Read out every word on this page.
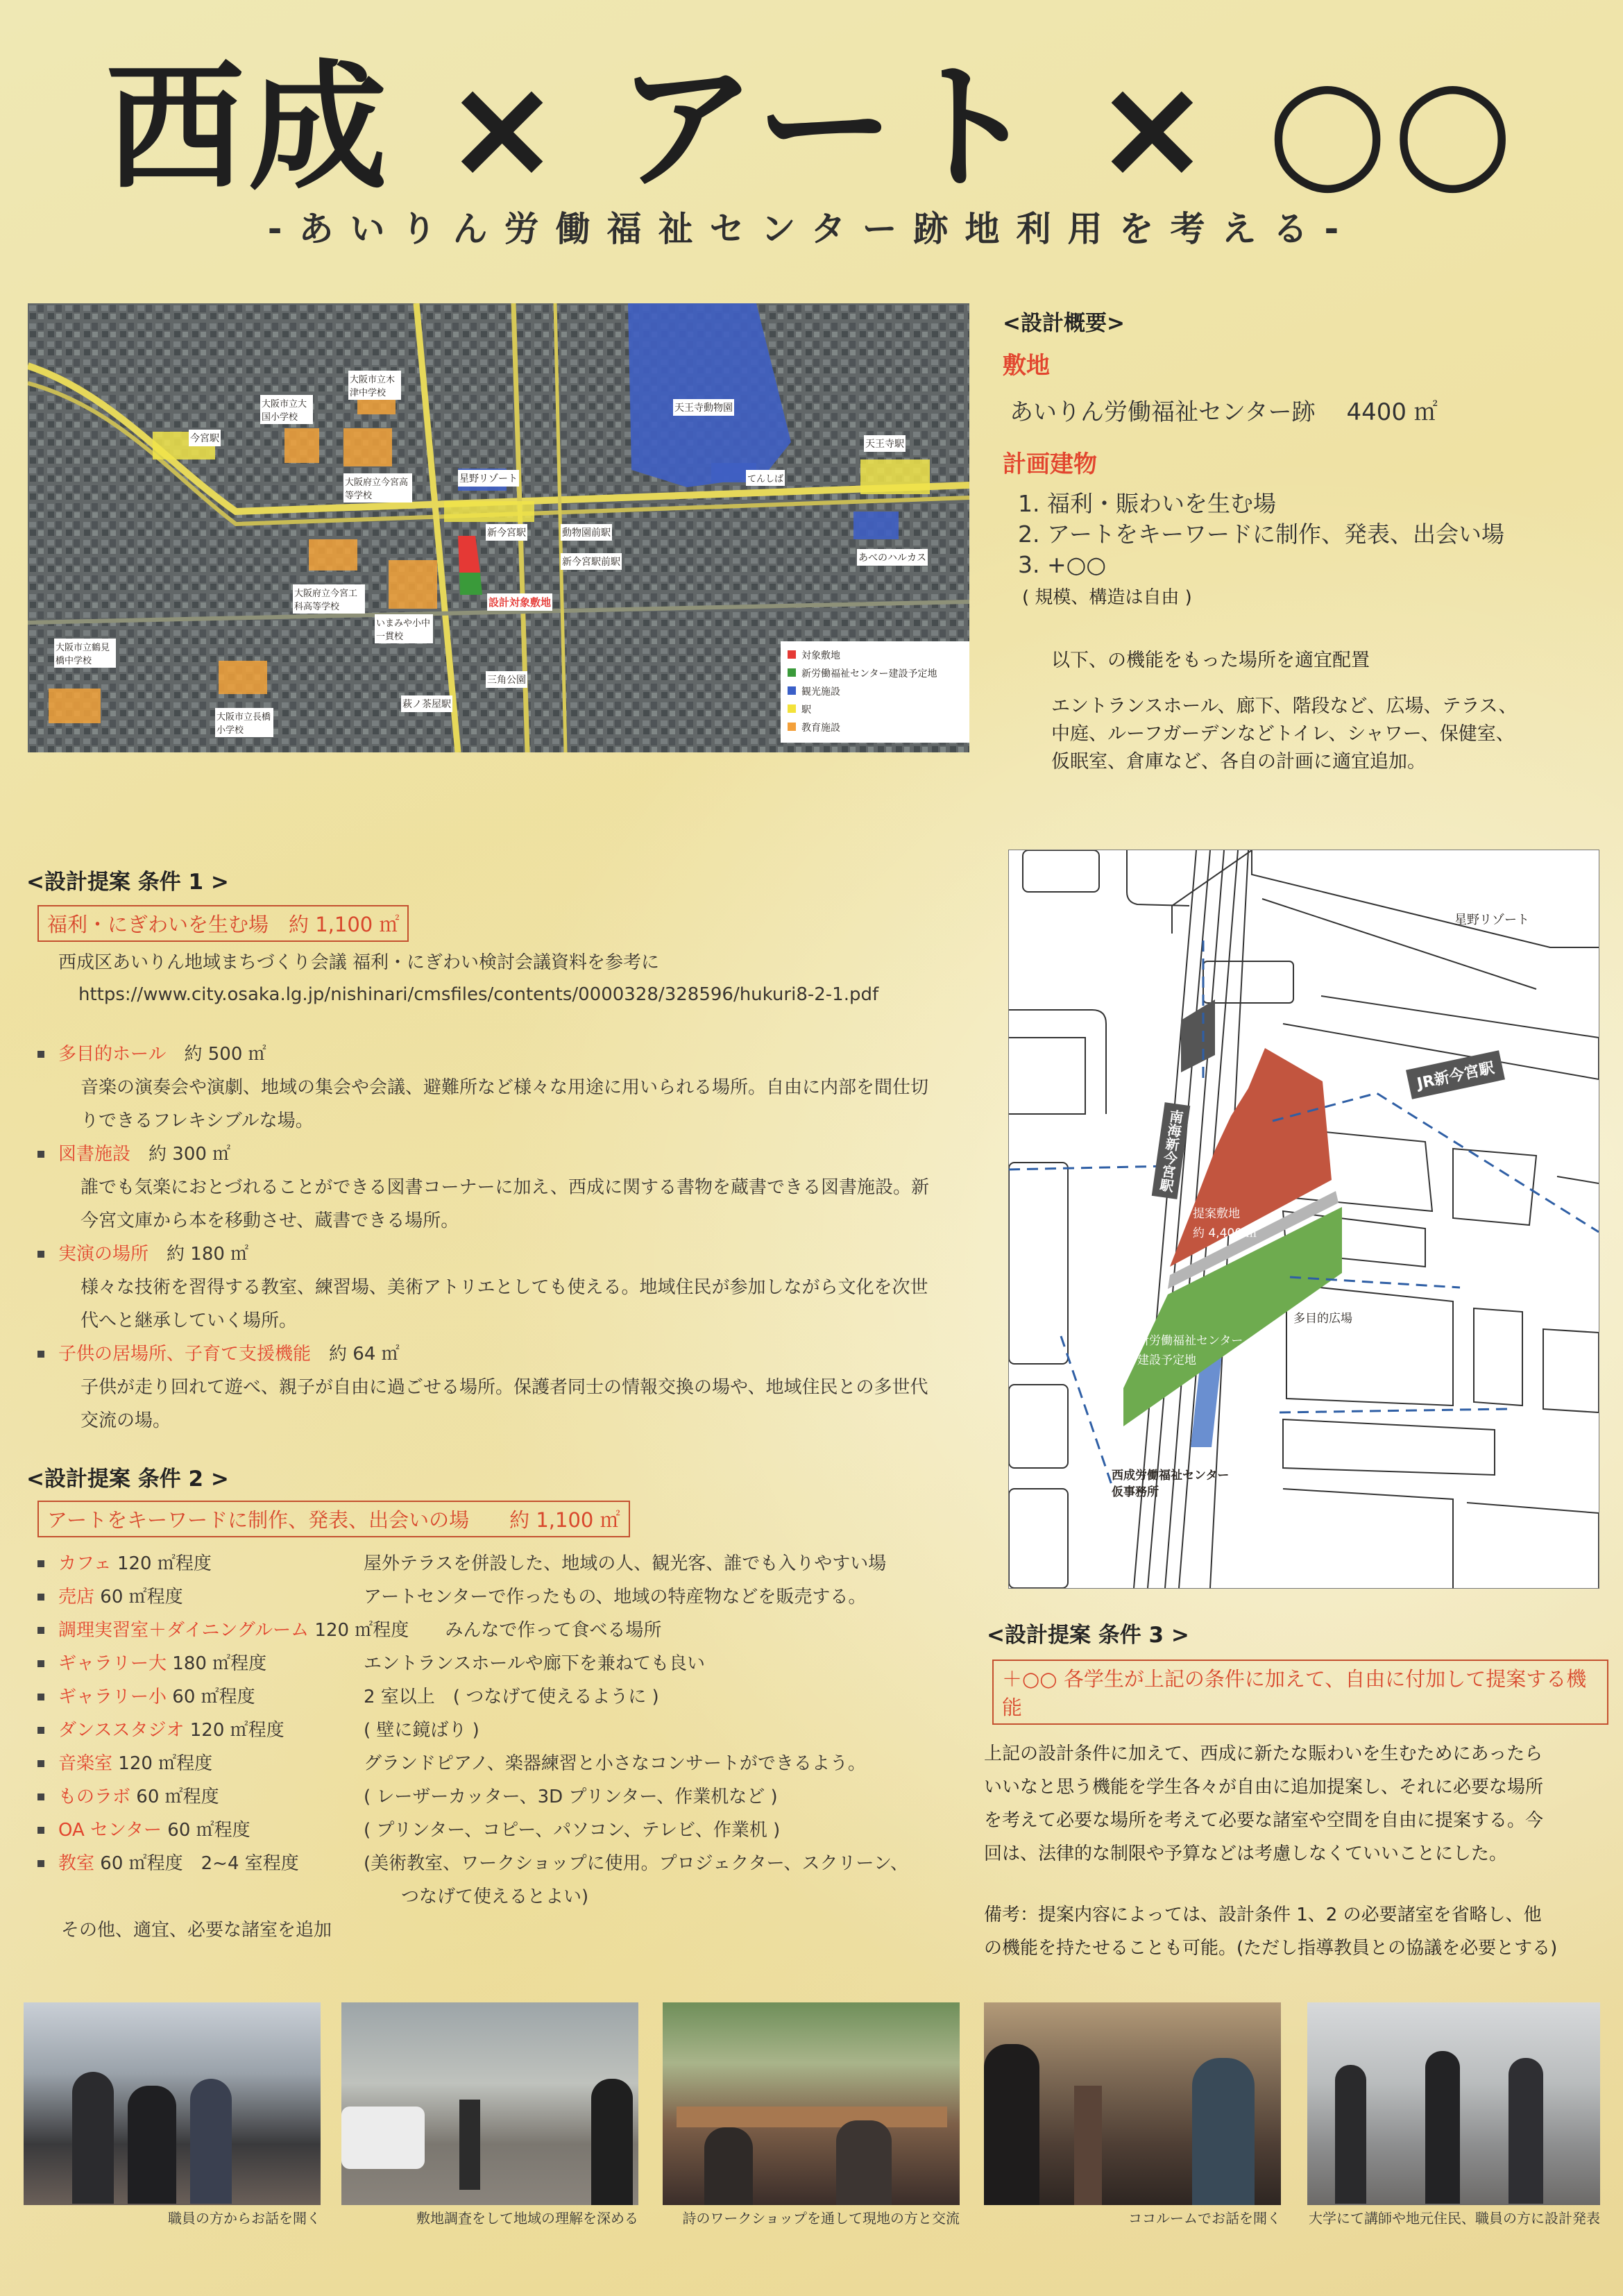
西成 × アート × ○○
-あいりん労働福祉センター跡地利用を考える-
大阪市立大国小学校
大阪市立木津中学校
今宮駅
大阪府立今宮高等学校
星野リゾート
天王寺動物園
てんしば
天王寺駅
新今宮駅	動物園前駅
新今宮駅前駅	あべのハルカス
大阪府立今宮工科高等学校	設計対象敷地
いまみや小中一貫校
大阪市立鶴見橋中学校
三角公園
萩ノ茶屋駅
大阪市立長橋小学校
対象敷地
新労働福祉センター建設予定地
観光施設
駅
教育施設
<設計概要>
敷地
あいりん労働福祉センター跡　 4400 ㎡
計画建物
1. 福利・賑わいを生む場
2. アートをキーワードに制作、発表、出会い場
3. +○○
( 規模、構造は自由 )
以下、の機能をもった場所を適宜配置
エントランスホール、廊下、階段など、広場、テラス、
中庭、ルーフガーデンなどトイレ、シャワー、保健室、
仮眠室、倉庫など、各自の計画に適宜追加。
<設計提案 条件 1 >
福利・にぎわいを生む場　約 1,100 ㎡
西成区あいりん地域まちづくり会議 福利・にぎわい検討会議資料を参考に
https://www.city.osaka.lg.jp/nishinari/cmsfiles/contents/0000328/328596/hukuri8-2-1.pdf
多目的ホール　 約 500 ㎡
音楽の演奏会や演劇、地域の集会や会議、避難所など様々な用途に用いられる場所。自由に内部を間仕切
りできるフレキシブルな場。
図書施設　 約 300 ㎡
誰でも気楽におとづれることができる図書コーナーに加え、西成に関する書物を蔵書できる図書施設。新
今宮文庫から本を移動させ、蔵書できる場所。
実演の場所　 約 180 ㎡
様々な技術を習得する教室、練習場、美術アトリエとしても使える。地域住民が参加しながら文化を次世
代へと継承していく場所。
子供の居場所、子育て支援機能　 約 64 ㎡
子供が走り回れて遊べ、親子が自由に過ごせる場所。保護者同士の情報交換の場や、地域住民との多世代
交流の場。
<設計提案 条件 2 >
アートをキーワードに制作、発表、出会いの場　　約 1,100 ㎡
カフェ 120 ㎡程度	屋外テラスを併設した、地域の人、観光客、誰でも入りやすい場
売店 60 ㎡程度	アートセンターで作ったもの、地域の特産物などを販売する。
調理実習室＋ダイニングルーム 120 ㎡程度　　 みんなで作って食べる場所
ギャラリー大 180 ㎡程度	エントランスホールや廊下を兼ねても良い
ギャラリー小 60 ㎡程度	2 室以上　( つなげて使えるように )
ダンススタジオ 120 ㎡程度	( 壁に鏡ばり )
音楽室 120 ㎡程度	グランドピアノ、楽器練習と小さなコンサートができるよう。
ものラボ 60 ㎡程度	( レーザーカッター、3D プリンター、作業机など )
OA センター 60 ㎡程度	( プリンター、コピー、パソコン、テレビ、作業机 )
教室 60 ㎡程度　2~4 室程度	(美術教室、ワークショップに使用。プロジェクター、スクリーン、
つなげて使えるとよい)
その他、適宜、必要な諸室を追加
星野リゾート
JR新今宮駅
南海新今宮駅
提案敷地
約 4,400 ㎡
多目的広場
新労働福祉センター
建設予定地
西成労働福祉センター
仮事務所
<設計提案 条件 3 >
＋○○ 各学生が上記の条件に加えて、自由に付加して提案する機能
上記の設計条件に加えて、西成に新たな賑わいを生むためにあったら
いいなと思う機能を学生各々が自由に追加提案し、それに必要な場所
を考えて必要な場所を考えて必要な諸室や空間を自由に提案する。今
回は、法律的な制限や予算などは考慮しなくていいことにした。
備考：提案内容によっては、設計条件 1、2 の必要諸室を省略し、他
の機能を持たせることも可能。(ただし指導教員との協議を必要とする)
職員の方からお話を聞く	敷地調査をして地域の理解を深める	詩のワークショップを通して現地の方と交流	ココルームでお話を聞く	大学にて講師や地元住民、職員の方に設計発表
